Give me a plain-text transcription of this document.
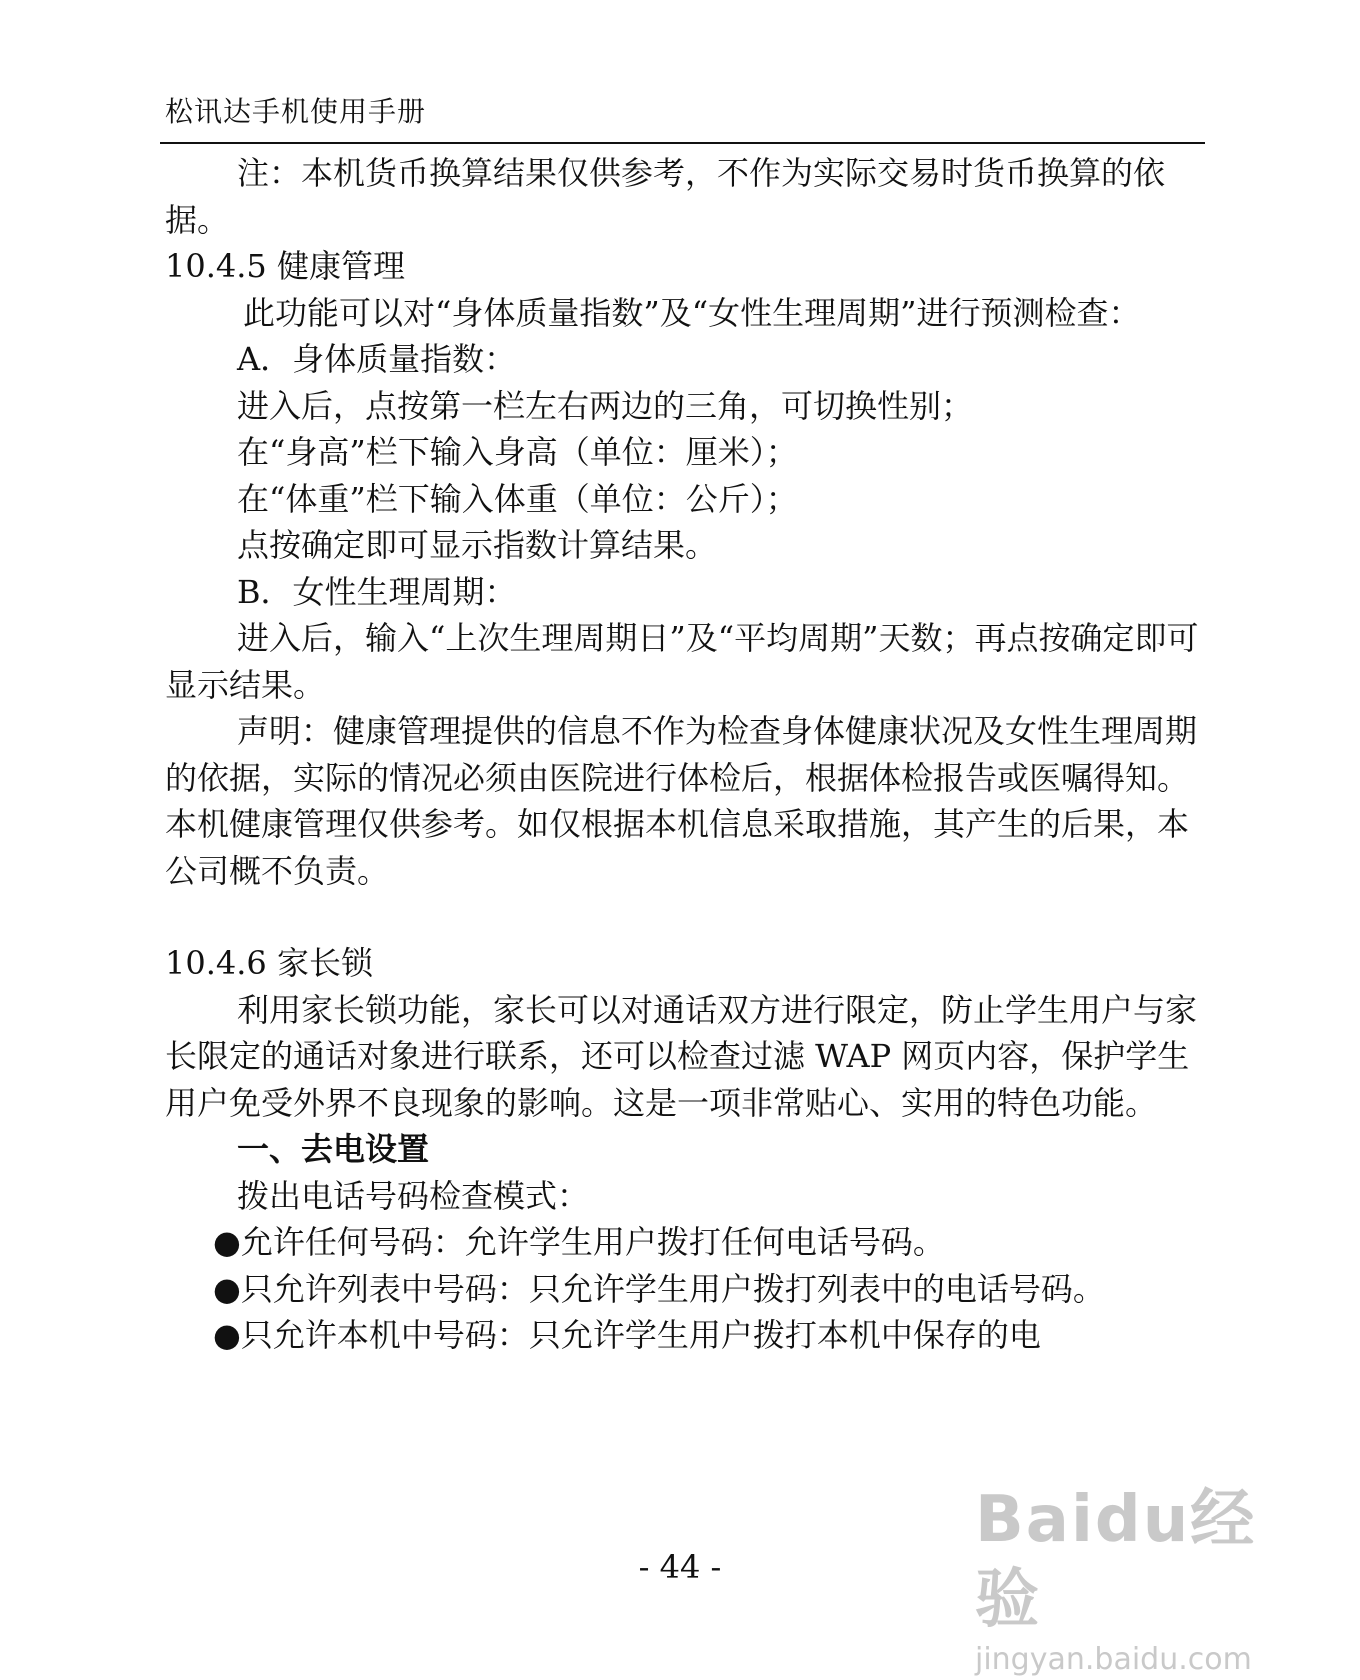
松讯达手机使用手册

注：本机货币换算结果仅供参考，不作为实际交易时货币换算的依据。

10.4.5 健康管理

此功能可以对“身体质量指数”及“女性生理周期”进行预测检查：

A．身体质量指数：

进入后，点按第一栏左右两边的三角，可切换性别；

在“身高”栏下输入身高（单位：厘米）；

在“体重”栏下输入体重（单位：公斤）；

点按确定即可显示指数计算结果。

B．女性生理周期：

进入后，输入“上次生理周期日”及“平均周期”天数；再点按确定即可显示结果。

声明：健康管理提供的信息不作为检查身体健康状况及女性生理周期的依据，实际的情况必须由医院进行体检后，根据体检报告或医嘱得知。本机健康管理仅供参考。如仅根据本机信息采取措施，其产生的后果，本公司概不负责。

10.4.6 家长锁

利用家长锁功能，家长可以对通话双方进行限定，防止学生用户与家长限定的通话对象进行联系，还可以检查过滤 WAP 网页内容，保护学生用户免受外界不良现象的影响。这是一项非常贴心、实用的特色功能。

一、去电设置

拨出电话号码检查模式：

●允许任何号码：允许学生用户拨打任何电话号码。

●只允许列表中号码：只允许学生用户拨打列表中的电话号码。

●只允许本机中号码：只允许学生用户拨打本机中保存的电

- 44 -
Baidu经验
jingyan.baidu.com
